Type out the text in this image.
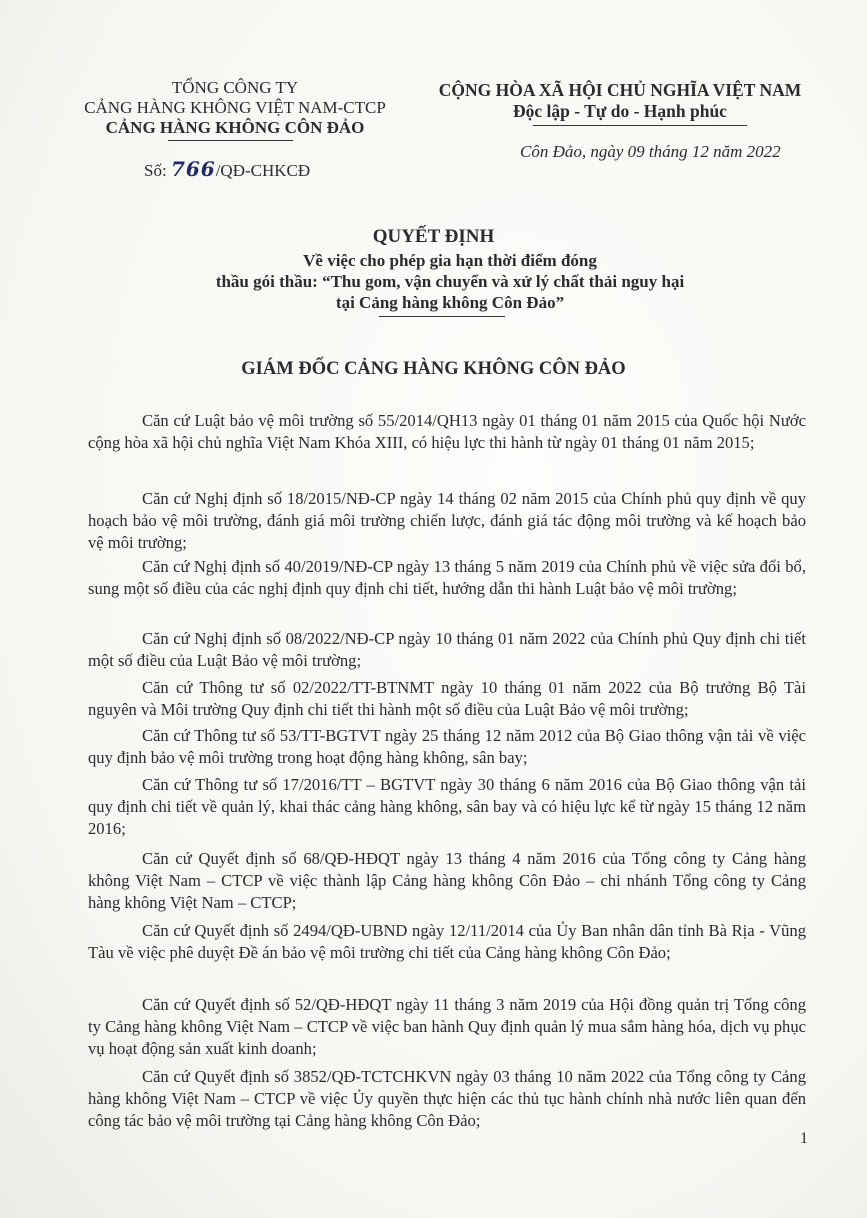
TỔNG CÔNG TY
CẢNG HÀNG KHÔNG VIỆT NAM-CTCP
CẢNG HÀNG KHÔNG CÔN ĐẢO
CỘNG HÒA XÃ HỘI CHỦ NGHĨA VIỆT NAM
Độc lập - Tự do - Hạnh phúc
Số: 766/QĐ-CHKCĐ
Côn Đảo, ngày 09 tháng 12 năm 2022
QUYẾT ĐỊNH
Về việc cho phép gia hạn thời điểm đóng
thầu gói thầu: “Thu gom, vận chuyển và xử lý chất thải nguy hại
tại Cảng hàng không Côn Đảo”
GIÁM ĐỐC CẢNG HÀNG KHÔNG CÔN ĐẢO
Căn cứ Luật bảo vệ môi trường số 55/2014/QH13 ngày 01 tháng 01 năm 2015 của Quốc hội Nước cộng hòa xã hội chủ nghĩa Việt Nam Khóa XIII, có hiệu lực thi hành từ ngày 01 tháng 01 năm 2015;
Căn cứ Nghị định số 18/2015/NĐ-CP ngày 14 tháng 02 năm 2015 của Chính phủ quy định về quy hoạch bảo vệ môi trường, đánh giá môi trường chiến lược, đánh giá tác động môi trường và kế hoạch bảo vệ môi trường;
Căn cứ Nghị định số 40/2019/NĐ-CP ngày 13 tháng 5 năm 2019 của Chính phủ về việc sửa đổi bổ, sung một số điều của các nghị định quy định chi tiết, hướng dẫn thi hành Luật bảo vệ môi trường;
Căn cứ Nghị định số 08/2022/NĐ-CP ngày 10 tháng 01 năm 2022 của Chính phủ Quy định chi tiết một số điều của Luật Bảo vệ môi trường;
Căn cứ Thông tư số 02/2022/TT-BTNMT ngày 10 tháng 01 năm 2022 của Bộ trưởng Bộ Tài nguyên và Môi trường Quy định chi tiết thi hành một số điều của Luật Bảo vệ môi trường;
Căn cứ Thông tư số 53/TT-BGTVT ngày 25 tháng 12 năm 2012 của Bộ Giao thông vận tải về việc quy định bảo vệ môi trường trong hoạt động hàng không, sân bay;
Căn cứ Thông tư số 17/2016/TT – BGTVT ngày 30 tháng 6 năm 2016 của Bộ Giao thông vận tải quy định chi tiết về quản lý, khai thác cảng hàng không, sân bay và có hiệu lực kể từ ngày 15 tháng 12 năm 2016;
Căn cứ Quyết định số 68/QĐ-HĐQT ngày 13 tháng 4 năm 2016 của Tổng công ty Cảng hàng không Việt Nam – CTCP về việc thành lập Cảng hàng không Côn Đảo – chi nhánh Tổng công ty Cảng hàng không Việt Nam – CTCP;
Căn cứ Quyết định số 2494/QĐ-UBND ngày 12/11/2014 của Ủy Ban nhân dân tỉnh Bà Rịa - Vũng Tàu về việc phê duyệt Đề án bảo vệ môi trường chi tiết của Cảng hàng không Côn Đảo;
Căn cứ Quyết định số 52/QĐ-HĐQT ngày 11 tháng 3 năm 2019 của Hội đồng quản trị Tổng công ty Cảng hàng không Việt Nam – CTCP về việc ban hành Quy định quản lý mua sắm hàng hóa, dịch vụ phục vụ hoạt động sản xuất kinh doanh;
Căn cứ Quyết định số 3852/QĐ-TCTCHKVN ngày 03 tháng 10 năm 2022 của Tổng công ty Cảng hàng không Việt Nam – CTCP về việc Ủy quyền thực hiện các thủ tục hành chính nhà nước liên quan đến công tác bảo vệ môi trường tại Cảng hàng không Côn Đảo;
1
